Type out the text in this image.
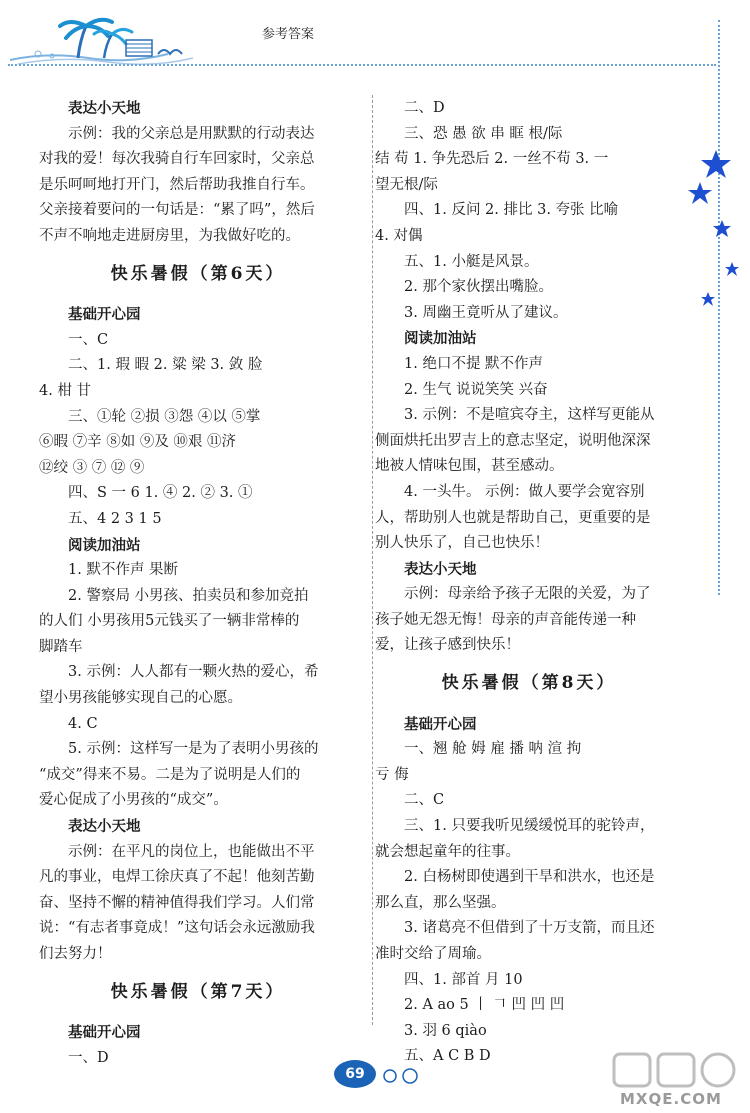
参考答案
表达小天地
示例：我的父亲总是用默默的行动表达
对我的爱！每次我骑自行车回家时，父亲总
是乐呵呵地打开门，然后帮助我推自行车。
父亲接着要问的一句话是：“累了吗”，然后
不声不响地走进厨房里，为我做好吃的。
快乐暑假（第6天）
基础开心园
一、C
二、1. 瑕 暇 2. 粱 梁 3. 敛 脸
4. 柑 甘
三、①轮 ②损 ③怨 ④以 ⑤掌
⑥暇 ⑦辛 ⑧如 ⑨及 ⑩艰 ⑪济
⑫绞 ③ ⑦ ⑫ ⑨
四、S 一 6 1. ④ 2. ② 3. ①
五、4 2 3 1 5
阅读加油站
1. 默不作声 果断
2. 警察局 小男孩、拍卖员和参加竞拍
的人们 小男孩用5元钱买了一辆非常棒的
脚踏车
3. 示例：人人都有一颗火热的爱心，希
望小男孩能够实现自己的心愿。
4. C
5. 示例：这样写一是为了表明小男孩的
“成交”得来不易。二是为了说明是人们的
爱心促成了小男孩的“成交”。
表达小天地
示例：在平凡的岗位上，也能做出不平
凡的事业，电焊工徐庆真了不起！他刻苦勤
奋、坚持不懈的精神值得我们学习。人们常
说：“有志者事竟成！”这句话会永远激励我
们去努力！
快乐暑假（第7天）
基础开心园
一、D
二、D
三、恐 愚 欲 串 眶 根/际
结 苟 1. 争先恐后 2. 一丝不苟 3. 一
望无根/际
四、1. 反问 2. 排比 3. 夸张 比喻
4. 对偶
五、1. 小艇是风景。
2. 那个家伙摆出嘴脸。
3. 周幽王竟听从了建议。
阅读加油站
1. 绝口不提 默不作声
2. 生气 说说笑笑 兴奋
3. 示例：不是喧宾夺主，这样写更能从
侧面烘托出罗吉上的意志坚定，说明他深深
地被人情味包围，甚至感动。
4. 一头牛。 示例：做人要学会宽容别
人，帮助别人也就是帮助自己，更重要的是
别人快乐了，自己也快乐！
表达小天地
示例：母亲给予孩子无限的关爱，为了
孩子她无怨无悔！母亲的声音能传递一种
爱，让孩子感到快乐！
快乐暑假（第8天）
基础开心园
一、翘 舱 姆 雇 播 呐 渲 拘
亏 侮
二、C
三、1. 只要我听见缓缓悦耳的驼铃声，
就会想起童年的往事。
2. 白杨树即使遇到干旱和洪水，也还是
那么直，那么坚强。
3. 诸葛亮不但借到了十万支箭，而且还
准时交给了周瑜。
四、1. 部首 月 10
2. A ao 5 丨 𠃍 凹 凹 凹
3. 羽 6 qiào
五、A C B D
69
MXQE.COM
